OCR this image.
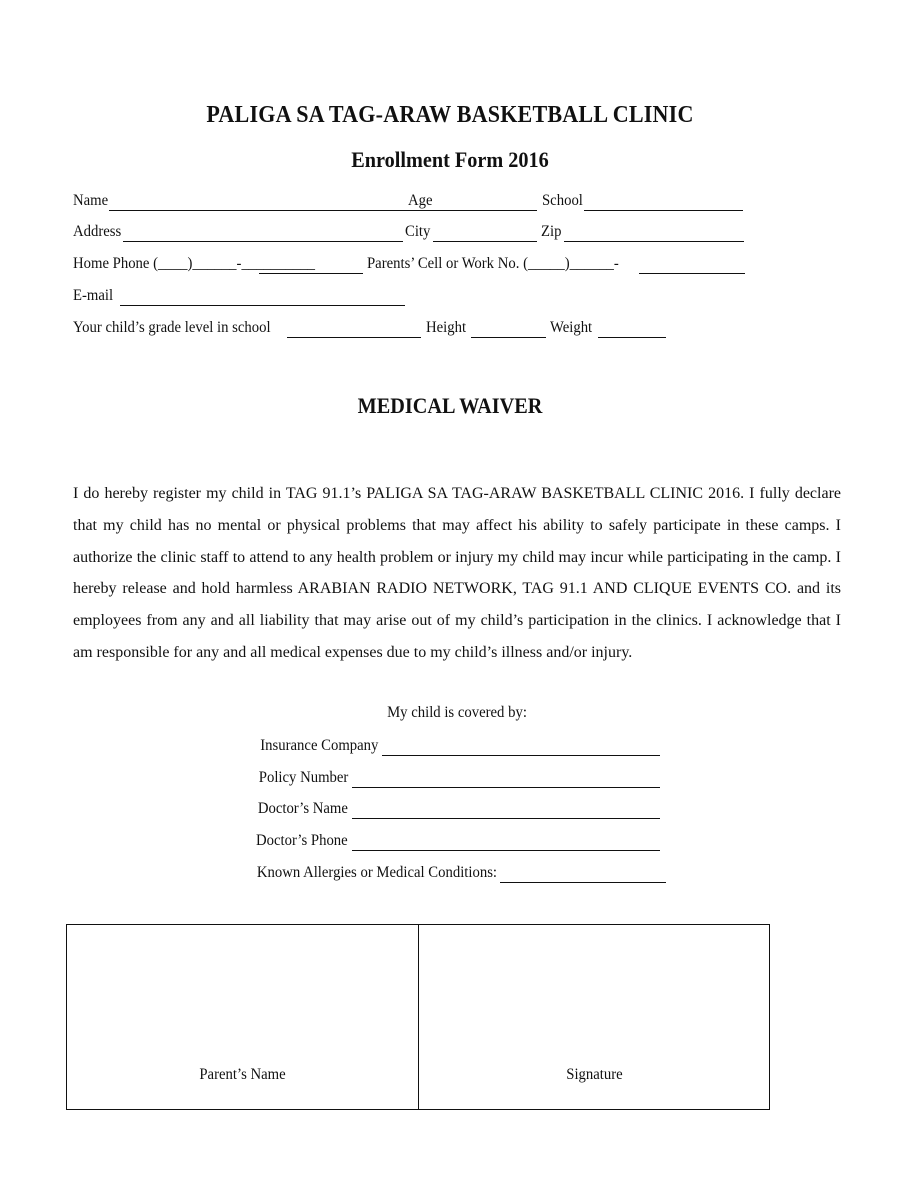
PALIGA SA TAG-ARAW BASKETBALL CLINIC
Enrollment Form 2016
Name	Age	School
Address	City	Zip
Home Phone (____)______-__________	Parents’ Cell or Work No. (_____)______-
E-mail
Your child’s grade level in school	Height	Weight
MEDICAL WAIVER
I do hereby register my child in TAG 91.1’s PALIGA SA TAG-ARAW BASKETBALL CLINIC 2016. I fully declare that my child has no mental or physical problems that may affect his ability to safely participate in these camps. I authorize the clinic staff to attend to any health problem or injury my child may incur while participating in the camp. I hereby release and hold harmless ARABIAN RADIO NETWORK, TAG 91.1 AND CLIQUE EVENTS CO. and its employees from any and all liability that may arise out of my child’s participation in the clinics. I acknowledge that I am responsible for any and all medical expenses due to my child’s illness and/or injury.
My child is covered by:
Insurance Company
Policy Number
Doctor’s Name
Doctor’s Phone
Known Allergies or Medical Conditions:
Parent’s Name	Signature
